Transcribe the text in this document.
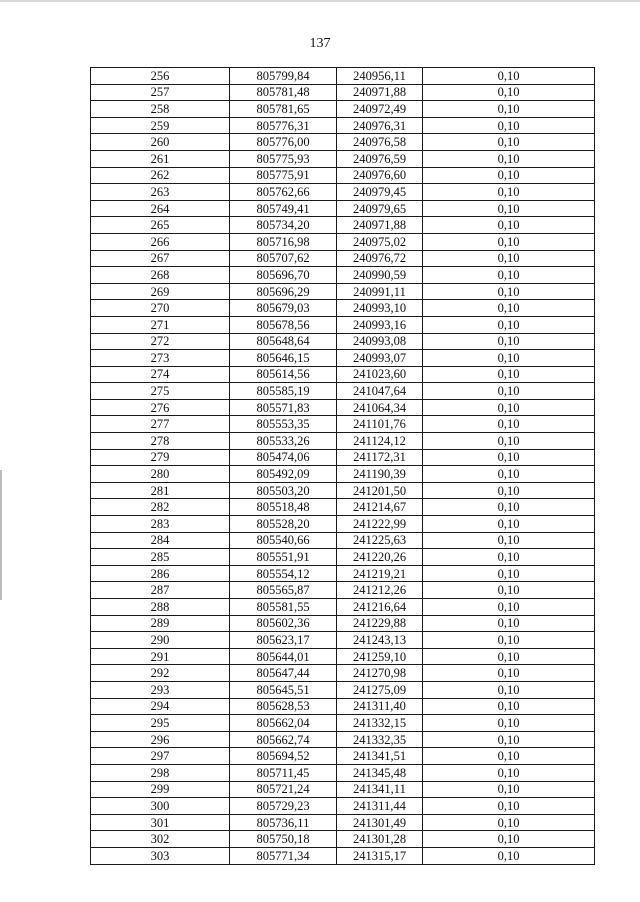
137
256	805799,84	240956,11	0,10
257	805781,48	240971,88	0,10
258	805781,65	240972,49	0,10
259	805776,31	240976,31	0,10
260	805776,00	240976,58	0,10
261	805775,93	240976,59	0,10
262	805775,91	240976,60	0,10
263	805762,66	240979,45	0,10
264	805749,41	240979,65	0,10
265	805734,20	240971,88	0,10
266	805716,98	240975,02	0,10
267	805707,62	240976,72	0,10
268	805696,70	240990,59	0,10
269	805696,29	240991,11	0,10
270	805679,03	240993,10	0,10
271	805678,56	240993,16	0,10
272	805648,64	240993,08	0,10
273	805646,15	240993,07	0,10
274	805614,56	241023,60	0,10
275	805585,19	241047,64	0,10
276	805571,83	241064,34	0,10
277	805553,35	241101,76	0,10
278	805533,26	241124,12	0,10
279	805474,06	241172,31	0,10
280	805492,09	241190,39	0,10
281	805503,20	241201,50	0,10
282	805518,48	241214,67	0,10
283	805528,20	241222,99	0,10
284	805540,66	241225,63	0,10
285	805551,91	241220,26	0,10
286	805554,12	241219,21	0,10
287	805565,87	241212,26	0,10
288	805581,55	241216,64	0,10
289	805602,36	241229,88	0,10
290	805623,17	241243,13	0,10
291	805644,01	241259,10	0,10
292	805647,44	241270,98	0,10
293	805645,51	241275,09	0,10
294	805628,53	241311,40	0,10
295	805662,04	241332,15	0,10
296	805662,74	241332,35	0,10
297	805694,52	241341,51	0,10
298	805711,45	241345,48	0,10
299	805721,24	241341,11	0,10
300	805729,23	241311,44	0,10
301	805736,11	241301,49	0,10
302	805750,18	241301,28	0,10
303	805771,34	241315,17	0,10
